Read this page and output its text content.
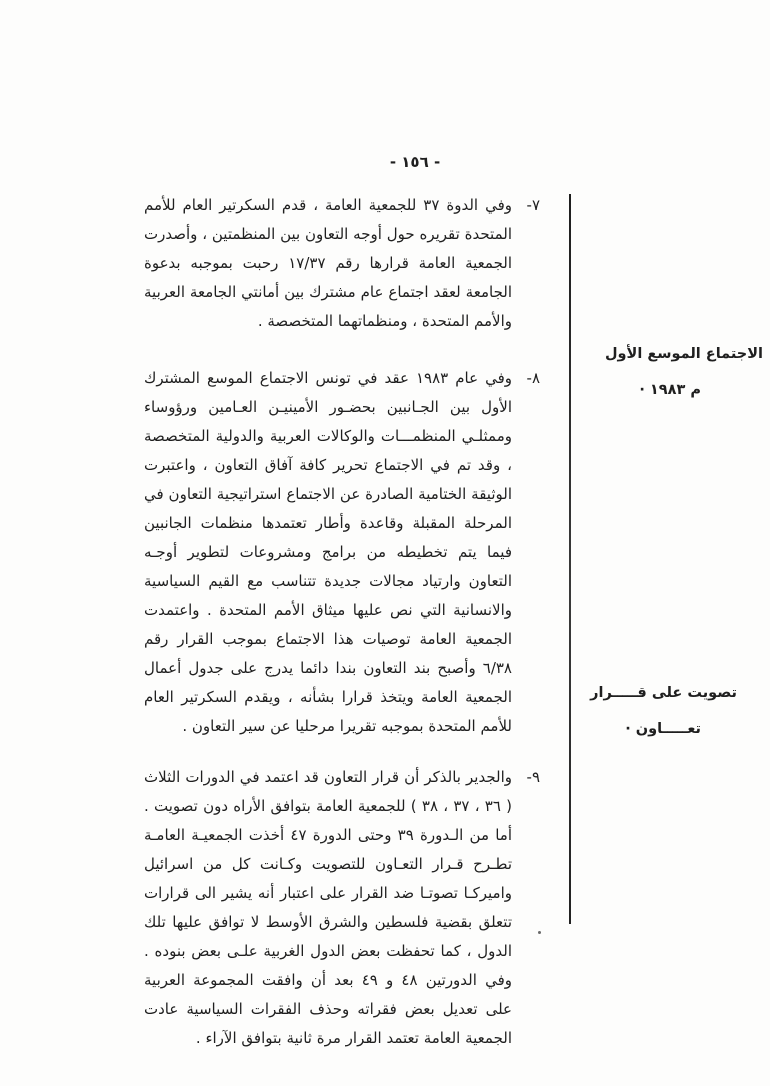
- ١٥٦ -
٧-
وفي الدوة ٣٧ للجمعية العامة ، قدم السكرتير العام للأمم المتحدة تقريره حول أوجه التعاون بين المنظمتين ، وأصدرت الجمعية العامة قرارها رقم ١٧/٣٧ رحبت بموجبه بدعوة الجامعة لعقد اجتماع عام مشترك بين أمانتي الجامعة العربية والأمم المتحدة ، ومنظماتهما المتخصصة .
٨-
وفي عام ١٩٨٣ عقد في تونس الاجتماع الموسع المشترك الأول بين الجـانبين بحضـور الأمينيـن العـامين ورؤوساء وممثلـي المنظمـــات والوكالات العربية والدولية المتخصصة ، وقد تم في الاجتماع تحرير كافة آفاق التعاون ، واعتبرت الوثيقة الختامية الصادرة عن الاجتماع استراتيجية التعاون في المرحلة المقبلة وقاعدة وأطار تعتمدها منظمات الجانبين فيما يتم تخطيطه من برامج ومشروعات لتطوير أوجـه التعاون وارتياد مجالات جديدة تتناسب مع القيم السياسية والانسانية التي نص عليها ميثاق الأمم المتحدة . واعتمدت الجمعية العامة توصيات هذا الاجتماع بموجب القرار رقم ٦/٣٨ وأصبح بند التعاون بندا دائما يدرج على جدول أعمال الجمعية العامة ويتخذ قرارا بشأنه ، ويقدم السكرتير العام للأمم المتحدة بموجبه تقريرا مرحليا عن سير التعاون .
٩-
والجدير بالذكر أن قرار التعاون قد اعتمد في الدورات الثلاث ( ٣٦ ، ٣٧ ، ٣٨ ) للجمعية العامة بتوافق الأراه دون تصويت . أما من الـدورة ٣٩ وحتى الدورة ٤٧ أخذت الجمعيـة العامـة تطـرح قـرار التعـاون للتصويت وكـانت كل من اسرائيل واميركـا تصوتـا ضد القرار على اعتبار أنه يشير الى قرارات تتعلق بقضية فلسطين والشرق الأوسط لا توافق عليها تلك الدول ، كما تحفظت بعض الدول الغربية علـى بعض بنوده . وفي الدورتين ٤٨ و ٤٩ بعد أن وافقت المجموعة العربية على تعديل بعض فقراته وحذف الفقرات السياسية عادت الجمعية العامة تعتمد القرار مرة ثانية بتوافق الآراء .
الاجتماع الموسع الأول
م ١٩٨٣ ·
تصويت على قـــــرار
تعـــــاون ·
